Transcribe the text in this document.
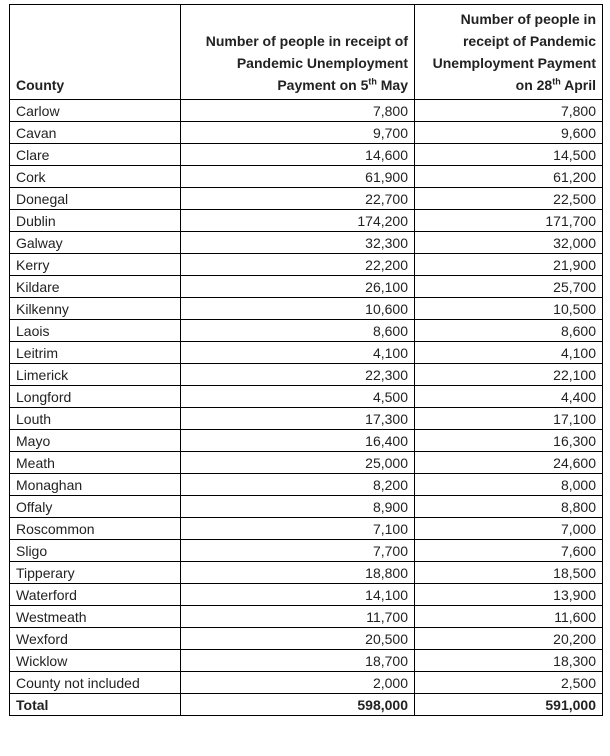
County	Number of people in receipt of Pandemic Unemployment Payment on 5th May	Number of people in receipt of Pandemic Unemployment Payment on 28th April
Carlow	7,800	7,800
Cavan	9,700	9,600
Clare	14,600	14,500
Cork	61,900	61,200
Donegal	22,700	22,500
Dublin	174,200	171,700
Galway	32,300	32,000
Kerry	22,200	21,900
Kildare	26,100	25,700
Kilkenny	10,600	10,500
Laois	8,600	8,600
Leitrim	4,100	4,100
Limerick	22,300	22,100
Longford	4,500	4,400
Louth	17,300	17,100
Mayo	16,400	16,300
Meath	25,000	24,600
Monaghan	8,200	8,000
Offaly	8,900	8,800
Roscommon	7,100	7,000
Sligo	7,700	7,600
Tipperary	18,800	18,500
Waterford	14,100	13,900
Westmeath	11,700	11,600
Wexford	20,500	20,200
Wicklow	18,700	18,300
County not included	2,000	2,500
Total	598,000	591,000
